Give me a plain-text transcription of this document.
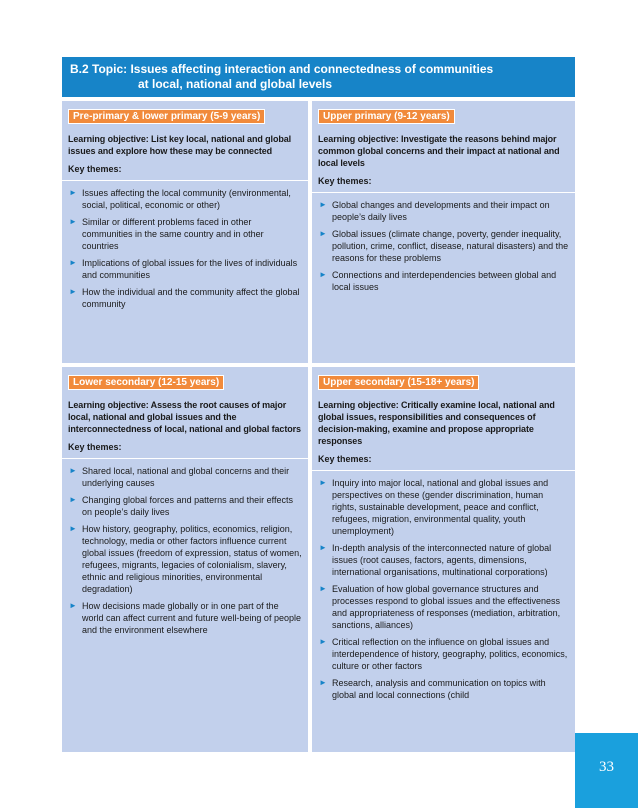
B.2 Topic: Issues affecting interaction and connectedness of communities
at local, national and global levels
Pre-primary & lower primary (5-9 years)
Learning objective: List key local, national and global issues and explore how these may be connected
Key themes:
► Issues affecting the local community (environmental, social, political, economic or other)
► Similar or different problems faced in other communities in the same country and in other countries
► Implications of global issues for the lives of individuals and communities
► How the individual and the community affect the global community
Upper primary (9-12 years)
Learning objective: Investigate the reasons behind major common global concerns and their impact at national and local levels
Key themes:
► Global changes and developments and their impact on people’s daily lives
► Global issues (climate change, poverty, gender inequality, pollution, crime, conflict, disease, natural disasters) and the reasons for these problems
► Connections and interdependencies between global and local issues
Lower secondary (12-15 years)
Learning objective: Assess the root causes of major local, national and global issues and the interconnectedness of local, national and global factors
Key themes:
► Shared local, national and global concerns and their underlying causes
► Changing global forces and patterns and their effects on people’s daily lives
► How history, geography, politics, economics, religion, technology, media or other factors influence current global issues (freedom of expression, status of women, refugees, migrants, legacies of colonialism, slavery, ethnic and religious minorities, environmental degradation)
► How decisions made globally or in one part of the world can affect current and future well-being of people and the environment elsewhere
Upper secondary (15-18+ years)
Learning objective: Critically examine local, national and global issues, responsibilities and consequences of decision-making, examine and propose appropriate responses
Key themes:
► Inquiry into major local, national and global issues and perspectives on these (gender discrimination, human rights, sustainable development, peace and conflict, refugees, migration, environmental quality, youth unemployment)
► In-depth analysis of the interconnected nature of global issues (root causes, factors, agents, dimensions, international organisations, multinational corporations)
► Evaluation of how global governance structures and processes respond to global issues and the effectiveness and appropriateness of responses (mediation, arbitration, sanctions, alliances)
► Critical reflection on the influence on global issues and interdependence of history, geography, politics, economics, culture or other factors
► Research, analysis and communication on topics with global and local connections (child
33
